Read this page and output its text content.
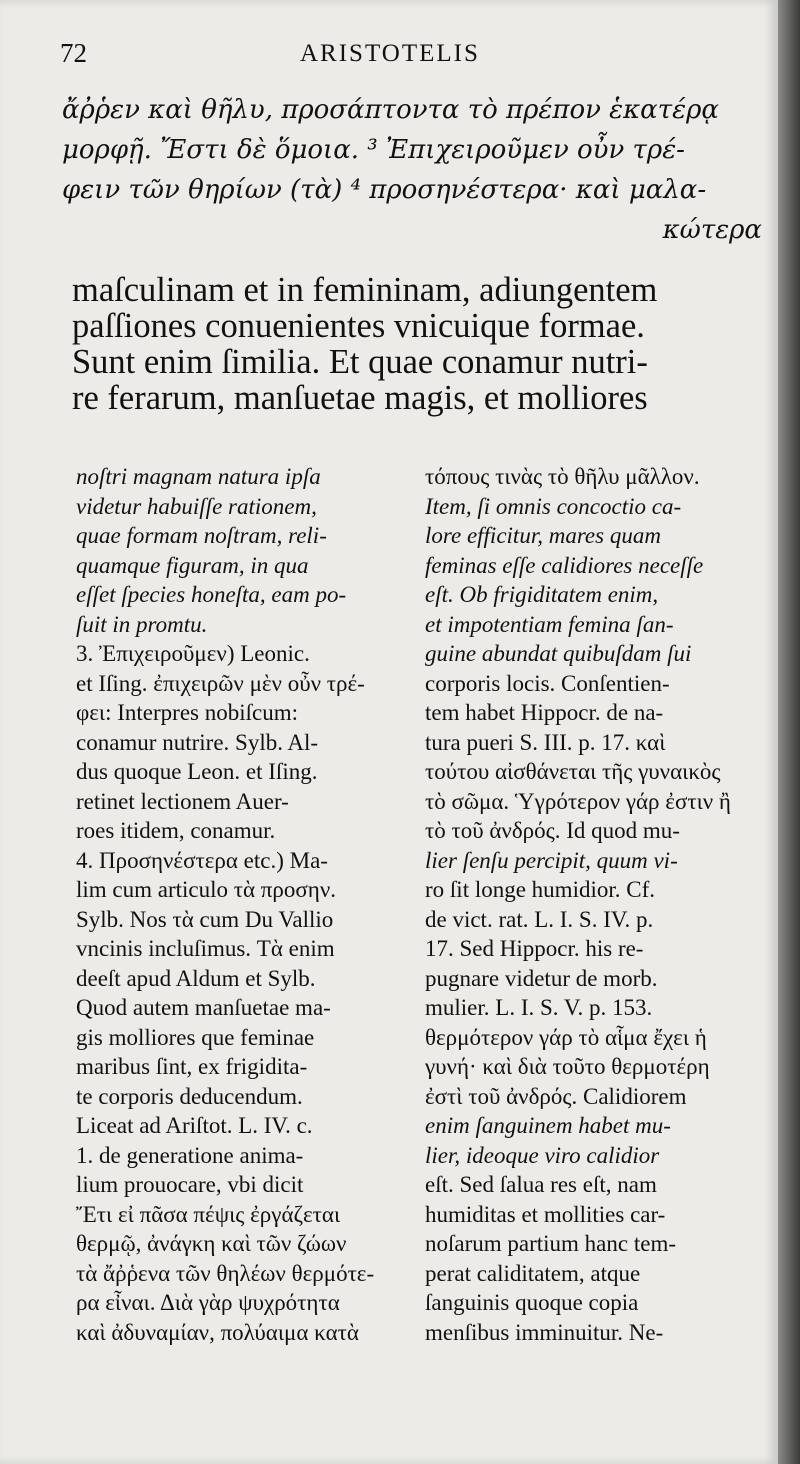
72	ARISTOTELIS
ἄῤῥεν καὶ θῆλυ, προσάπτοντα τὸ πρέπον ἑκατέρᾳ
μορφῇ. Ἔστι δὲ ὅμοια. ³ Ἐπιχειροῦμεν οὖν τρέ-
φειν τῶν θηρίων (τὰ) ⁴ προσηνέστερα· καὶ μαλα-
κώτερα
maſculinam et in femininam, adiungentem
paſſiones conuenientes vnicuique formae.
Sunt enim ſimilia. Et quae conamur nutri-
re ferarum, manſuetae magis, et molliores
noſtri magnam natura ipſa
videtur habuiſſe rationem,
quae formam noſtram, reli-
quamque figuram, in qua
eſſet ſpecies honeſta, eam po-
ſuit in promtu.
3. Ἐπιχειροῦμεν) Leonic.
et Iſing. ἐπιχειρῶν μὲν οὖν τρέ-
φει: Interpres nobiſcum:
conamur nutrire. Sylb. Al-
dus quoque Leon. et Iſing.
retinet lectionem Auer-
roes itidem, conamur.
4. Προσηνέστερα etc.) Ma-
lim cum articulo τὰ προσην.
Sylb. Nos τὰ cum Du Vallio
vncinis incluſimus. Τὰ enim
deeſt apud Aldum et Sylb.
Quod autem manſuetae ma-
gis molliores que feminae
maribus ſint, ex frigidita-
te corporis deducendum.
Liceat ad Ariſtot. L. IV. c.
1. de generatione anima-
lium prouocare, vbi dicit
Ἔτι εἰ πᾶσα πέψις ἐργάζεται
θερμῷ, ἀνάγκη καὶ τῶν ζώων
τὰ ἄῤῥενα τῶν θηλέων θερμότε-
ρα εἶναι. Διὰ γὰρ ψυχρότητα
καὶ ἀδυναμίαν, πολύαιμα κατὰ
τόπους τινὰς τὸ θῆλυ μᾶλλον.
Item, ſi omnis concoctio ca-
lore efficitur, mares quam
feminas eſſe calidiores neceſſe
eſt. Ob frigiditatem enim,
et impotentiam femina ſan-
guine abundat quibuſdam ſui
corporis locis. Conſentien-
tem habet Hippocr. de na-
tura pueri S. III. p. 17. καὶ
τούτου αἰσθάνεται τῆς γυναικὸς
τὸ σῶμα. Ὑγρότερον γάρ ἐστιν ἢ
τὸ τοῦ ἀνδρός. Id quod mu-
lier ſenſu percipit, quum vi-
ro ſit longe humidior. Cf.
de vict. rat. L. I. S. IV. p.
17. Sed Hippocr. his re-
pugnare videtur de morb.
mulier. L. I. S. V. p. 153.
θερμότερον γάρ τὸ αἷμα ἔχει ἡ
γυνή· καὶ διὰ τοῦτο θερμοτέρη
ἐστὶ τοῦ ἀνδρός. Calidiorem
enim ſanguinem habet mu-
lier, ideoque viro calidior
eſt. Sed ſalua res eſt, nam
humiditas et mollities car-
noſarum partium hanc tem-
perat caliditatem, atque
ſanguinis quoque copia
menſibus imminuitur. Ne-
